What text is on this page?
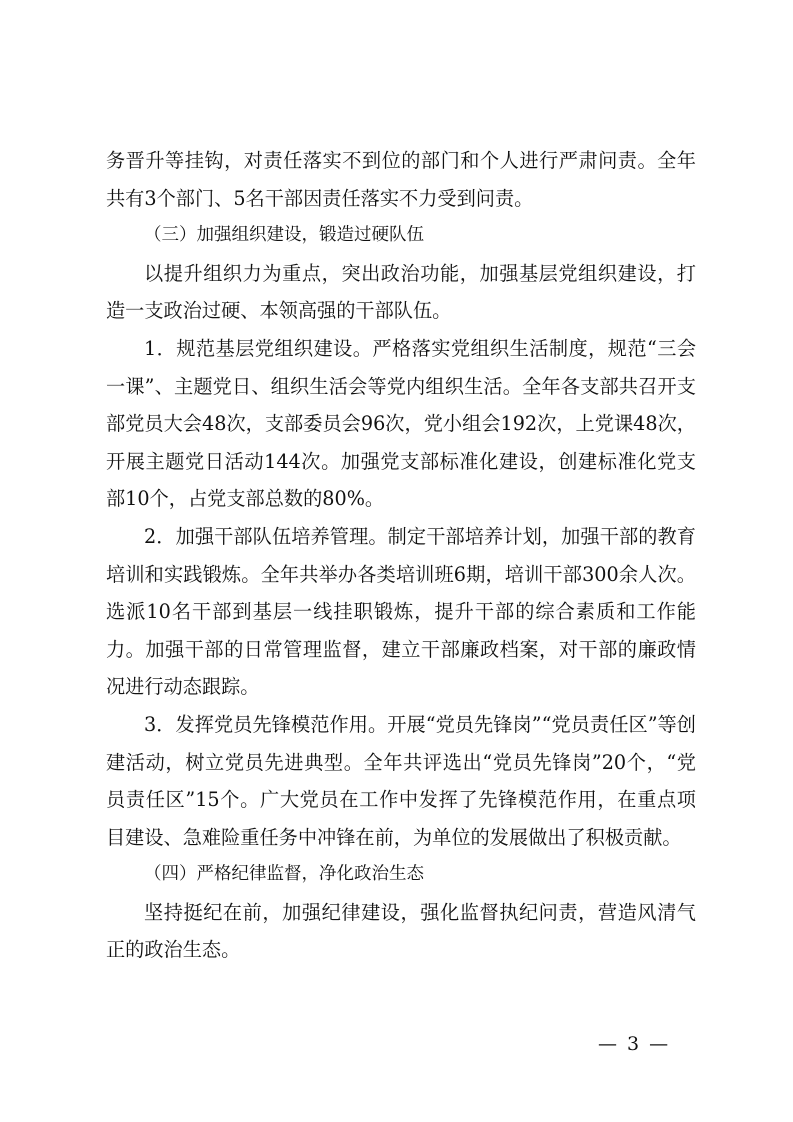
务晋升等挂钩，对责任落实不到位的部门和个人进行严肃问责。全年共有3个部门、5名干部因责任落实不力受到问责。

（三）加强组织建设，锻造过硬队伍

以提升组织力为重点，突出政治功能，加强基层党组织建设，打造一支政治过硬、本领高强的干部队伍。

1．规范基层党组织建设。严格落实党组织生活制度，规范“三会一课”、主题党日、组织生活会等党内组织生活。全年各支部共召开支部党员大会48次，支部委员会96次，党小组会192次，上党课48次，开展主题党日活动144次。加强党支部标准化建设，创建标准化党支部10个，占党支部总数的80%。

2．加强干部队伍培养管理。制定干部培养计划，加强干部的教育培训和实践锻炼。全年共举办各类培训班6期，培训干部300余人次。选派10名干部到基层一线挂职锻炼，提升干部的综合素质和工作能力。加强干部的日常管理监督，建立干部廉政档案，对干部的廉政情况进行动态跟踪。

3．发挥党员先锋模范作用。开展“党员先锋岗”“党员责任区”等创建活动，树立党员先进典型。全年共评选出“党员先锋岗”20个，“党员责任区”15个。广大党员在工作中发挥了先锋模范作用，在重点项目建设、急难险重任务中冲锋在前，为单位的发展做出了积极贡献。

（四）严格纪律监督，净化政治生态

坚持挺纪在前，加强纪律建设，强化监督执纪问责，营造风清气正的政治生态。

— 3 —
